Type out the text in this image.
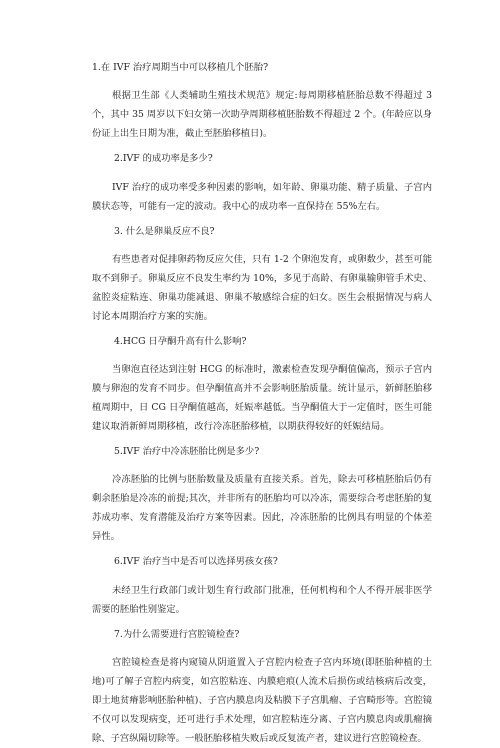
1.在 IVF 治疗周期当中可以移植几个胚胎?

根据卫生部《人类辅助生殖技术规范》规定:每周期移植胚胎总数不得超过 3 个，其中 35 周岁以下妇女第一次助孕周期移植胚胎数不得超过 2 个。(年龄应以身份证上出生日期为准，截止至胚胎移植日)。

2.IVF 的成功率是多少?

IVF 治疗的成功率受多种因素的影响，如年龄、卵巢功能、精子质量、子宫内膜状态等，可能有一定的波动。我中心的成功率一直保持在 55%左右。

3. 什么是卵巢反应不良?

有些患者对促排卵药物反应欠佳，只有 1-2 个卵泡发育，或卵数少，甚至可能取不到卵子。卵巢反应不良发生率约为 10%，多见于高龄、有卵巢输卵管手术史、盆腔炎症粘连、卵巢功能减退、卵巢不敏感综合症的妇女。医生会根据情况与病人讨论本周期治疗方案的实施。

4.HCG 日孕酮升高有什么影响?

当卵泡直径达到注射 HCG 的标准时，激素检查发现孕酮值偏高，预示子宫内膜与卵泡的发育不同步。但孕酮值高并不会影响胚胎质量。统计显示，新鲜胚胎移植周期中，日 CG 日孕酮值越高，妊娠率越低。当孕酮值大于一定值时，医生可能建议取消新鲜周期移植，改行冷冻胚胎移植，以期获得较好的妊娠结局。

5.IVF 治疗中冷冻胚胎比例是多少?

冷冻胚胎的比例与胚胎数量及质量有直接关系。首先，除去可移植胚胎后仍有剩余胚胎是冷冻的前提;其次，并非所有的胚胎均可以冷冻，需要综合考虑胚胎的复苏成功率、发育潜能及治疗方案等因素。因此，冷冻胚胎的比例具有明显的个体差异性。

6.IVF 治疗当中是否可以选择男孩女孩?

未经卫生行政部门或计划生育行政部门批准，任何机构和个人不得开展非医学需要的胚胎性别鉴定。

7.为什么需要进行宫腔镜检查?

宫腔镜检查是将内窥镜从阴道置入子宫腔内检查子宫内环境(即胚胎种植的土地)可了解子宫腔内病变，如宫腔粘连、内膜疤痕(人流术后损伤或结核病后改变，即土地贫瘠影响胚胎种植)、子宫内膜息肉及粘膜下子宫肌瘤、子宫畸形等。宫腔镜不仅可以发现病变，还可进行手术处理，如宫腔粘连分离、子宫内膜息肉或肌瘤摘除、子宫纵隔切除等。一般胚胎移植失败后或反复流产者，建议进行宫腔镜检查。
